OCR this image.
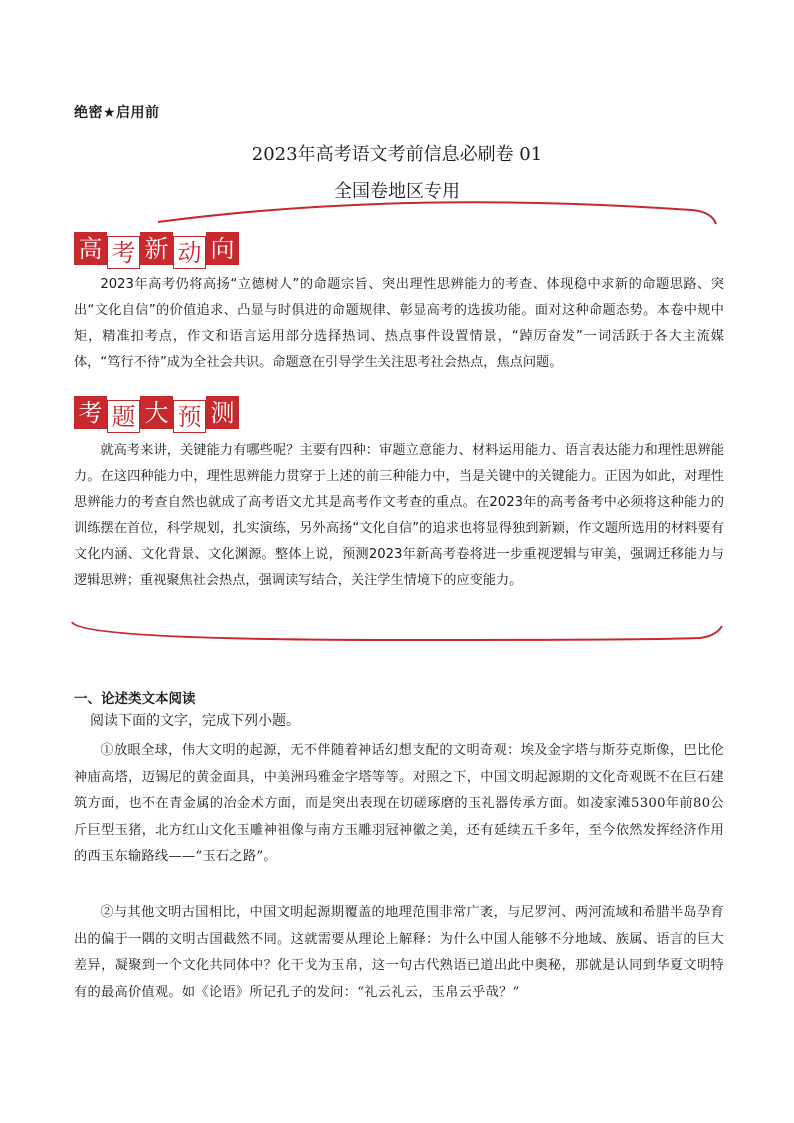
绝密★启用前
2023年高考语文考前信息必刷卷 01
全国卷地区专用
高 考 新 动 向
2023年高考仍将高扬“立德树人”的命题宗旨、突出理性思辨能力的考查、体现稳中求新的命题思路、突出“文化自信”的价值追求、凸显与时俱进的命题规律、彰显高考的选拔功能。面对这种命题态势。本卷中规中矩，精准扣考点，作文和语言运用部分选择热词、热点事件设置情景，“踔厉奋发”一词活跃于各大主流媒体，“笃行不待”成为全社会共识。命题意在引导学生关注思考社会热点，焦点问题。
考 题 大 预 测
就高考来讲，关键能力有哪些呢？主要有四种：审题立意能力、材料运用能力、语言表达能力和理性思辨能力。在这四种能力中，理性思辨能力贯穿于上述的前三种能力中，当是关键中的关键能力。正因为如此，对理性思辨能力的考查自然也就成了高考语文尤其是高考作文考查的重点。在2023年的高考备考中必须将这种能力的训练摆在首位，科学规划，扎实演练，另外高扬“文化自信”的追求也将显得独到新颖，作文题所选用的材料要有文化内涵、文化背景、文化渊源。整体上说，预测2023年新高考卷将进一步重视逻辑与审美，强调迁移能力与逻辑思辨；重视聚焦社会热点，强调读写结合，关注学生情境下的应变能力。
一、论述类文本阅读
阅读下面的文字，完成下列小题。
①放眼全球，伟大文明的起源，无不伴随着神话幻想支配的文明奇观：埃及金字塔与斯芬克斯像，巴比伦神庙高塔，迈锡尼的黄金面具，中美洲玛雅金字塔等等。对照之下，中国文明起源期的文化奇观既不在巨石建筑方面，也不在青金属的冶金术方面，而是突出表现在切磋琢磨的玉礼器传承方面。如凌家滩5300年前80公斤巨型玉猪，北方红山文化玉雕神祖像与南方玉雕羽冠神徽之美，还有延续五千多年，至今依然发挥经济作用的西玉东输路线——“玉石之路”。
②与其他文明古国相比，中国文明起源期覆盖的地理范围非常广袤，与尼罗河、两河流域和希腊半岛孕育出的偏于一隅的文明古国截然不同。这就需要从理论上解释：为什么中国人能够不分地域、族属、语言的巨大差异，凝聚到一个文化共同体中？化干戈为玉帛，这一句古代熟语已道出此中奥秘，那就是认同到华夏文明特有的最高价值观。如《论语》所记孔子的发问：“礼云礼云，玉帛云乎哉？”
